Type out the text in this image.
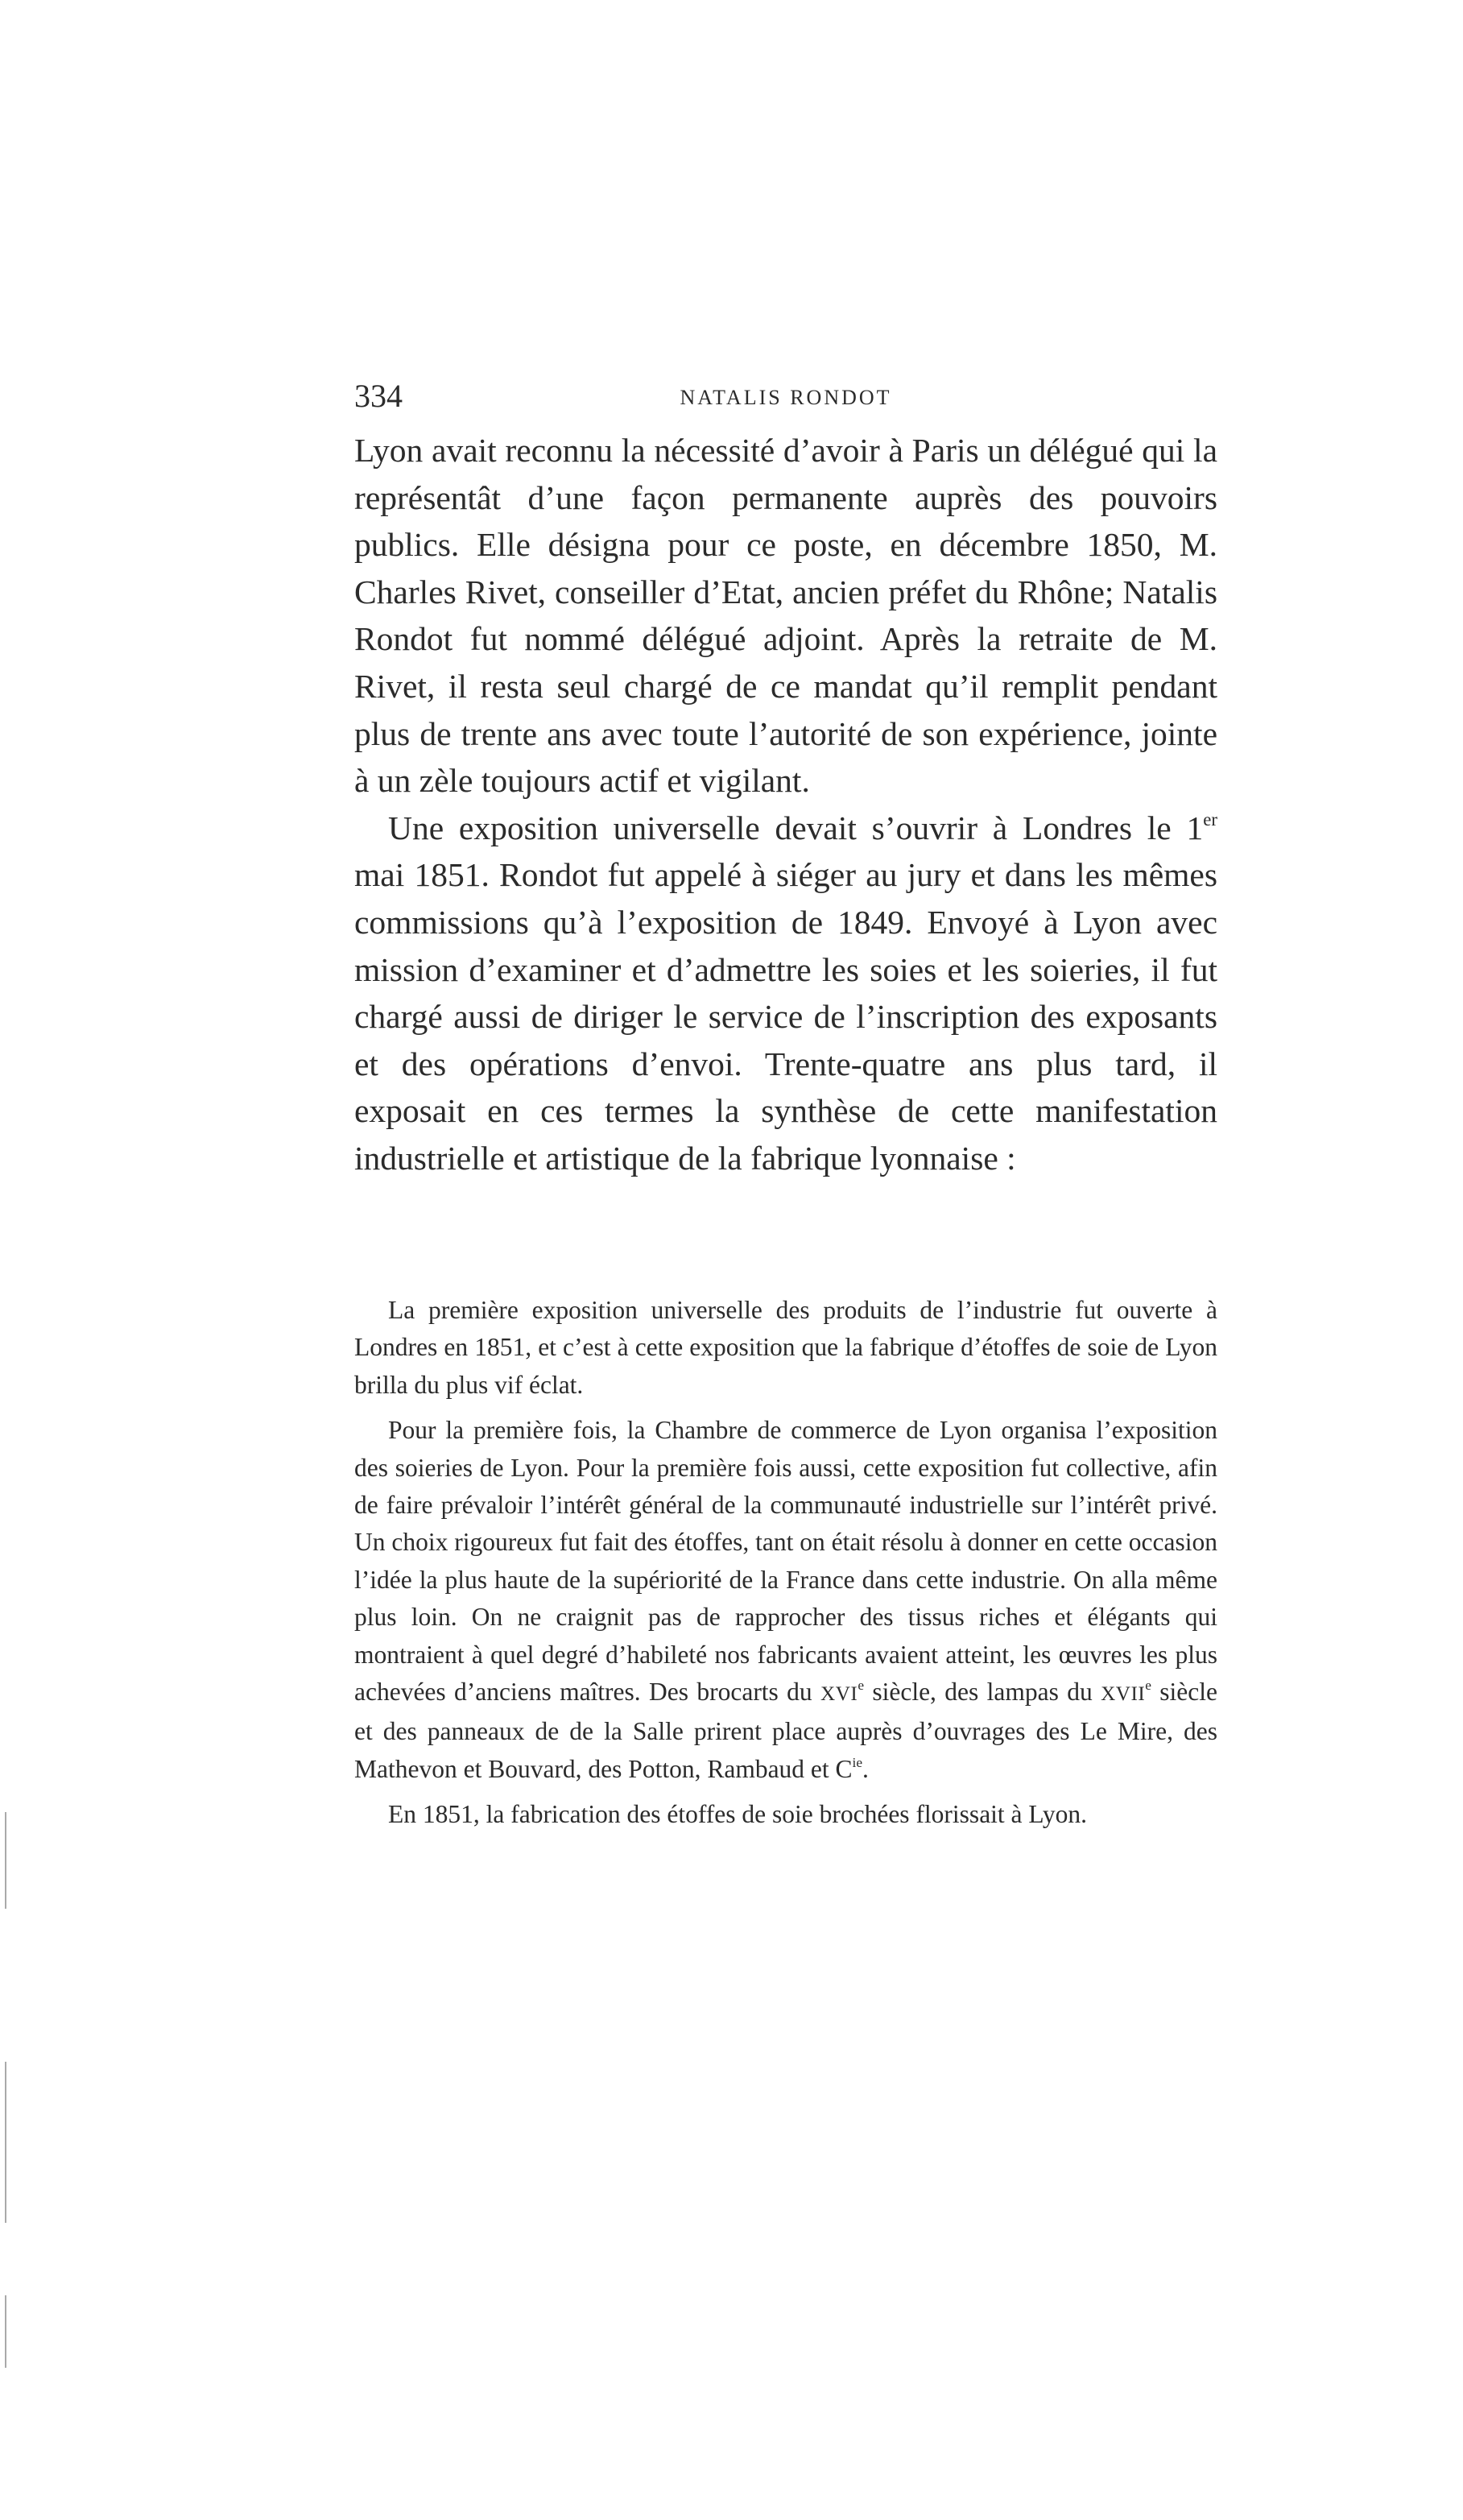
334	NATALIS RONDOT

Lyon avait reconnu la nécessité d’avoir à Paris un délégué qui la représentât d’une façon permanente auprès des pouvoirs publics. Elle désigna pour ce poste, en décembre 1850, M. Charles Rivet, conseiller d’Etat, ancien préfet du Rhône; Natalis Rondot fut nommé délégué adjoint. Après la retraite de M. Rivet, il resta seul chargé de ce mandat qu’il remplit pendant plus de trente ans avec toute l’autorité de son expérience, jointe à un zèle toujours actif et vigilant.

Une exposition universelle devait s’ouvrir à Londres le 1er mai 1851. Rondot fut appelé à siéger au jury et dans les mêmes commissions qu’à l’exposition de 1849. Envoyé à Lyon avec mission d’examiner et d’admettre les soies et les soieries, il fut chargé aussi de diriger le service de l’inscription des exposants et des opérations d’envoi. Trente-quatre ans plus tard, il exposait en ces termes la synthèse de cette manifestation industrielle et artistique de la fabrique lyonnaise :

La première exposition universelle des produits de l’industrie fut ouverte à Londres en 1851, et c’est à cette exposition que la fabrique d’étoffes de soie de Lyon brilla du plus vif éclat.

Pour la première fois, la Chambre de commerce de Lyon organisa l’exposition des soieries de Lyon. Pour la première fois aussi, cette exposition fut collective, afin de faire prévaloir l’intérêt général de la communauté industrielle sur l’intérêt privé. Un choix rigoureux fut fait des étoffes, tant on était résolu à donner en cette occasion l’idée la plus haute de la supériorité de la France dans cette industrie. On alla même plus loin. On ne craignit pas de rapprocher des tissus riches et élégants qui montraient à quel degré d’habileté nos fabricants avaient atteint, les œuvres les plus achevées d’anciens maîtres. Des brocarts du XVIe siècle, des lampas du XVIIe siècle et des panneaux de de la Salle prirent place auprès d’ouvrages des Le Mire, des Mathevon et Bouvard, des Potton, Rambaud et $C^{ie}$.

En 1851, la fabrication des étoffes de soie brochées florissait à Lyon.
